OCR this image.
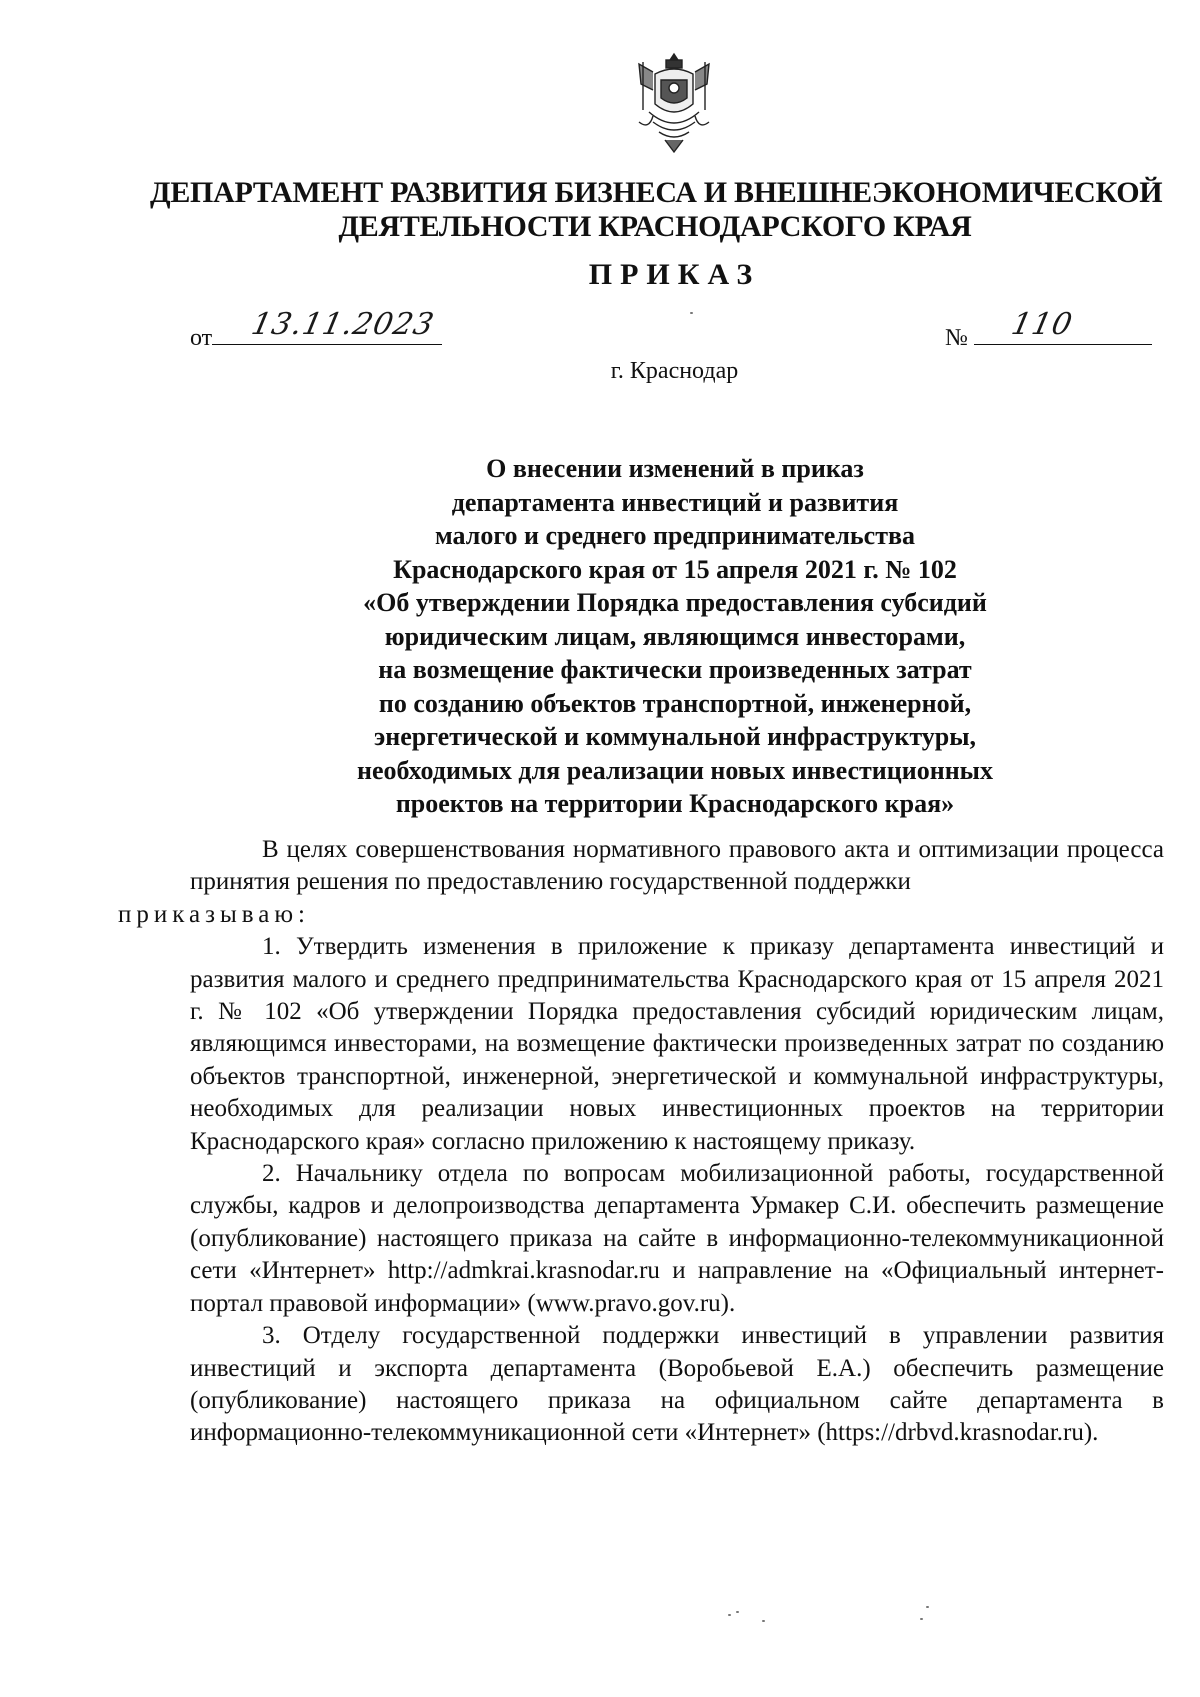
ДЕПАРТАМЕНТ РАЗВИТИЯ БИЗНЕСА И ВНЕШНЕЭКОНОМИЧЕСКОЙ
ДЕЯТЕЛЬНОСТИ КРАСНОДАРСКОГО КРАЯ
ПРИКАЗ
от 13.11.2023	№ 110
г. Краснодар
О внесении изменений в приказ
департамента инвестиций и развития
малого и среднего предпринимательства
Краснодарского края от 15 апреля 2021 г. № 102
«Об утверждении Порядка предоставления субсидий
юридическим лицам, являющимся инвесторами,
на возмещение фактически произведенных затрат
по созданию объектов транспортной, инженерной,
энергетической и коммунальной инфраструктуры,
необходимых для реализации новых инвестиционных
проектов на территории Краснодарского края»

В целях совершенствования нормативного правового акта и оптимизации процесса принятия решения по предоставлению государственной поддержки
приказываю:

1. Утвердить изменения в приложение к приказу департамента инвестиций и развития малого и среднего предпринимательства Краснодарского края от 15 апреля 2021 г. № 102 «Об утверждении Порядка предоставления субсидий юридическим лицам, являющимся инвесторами, на возмещение фактически произведенных затрат по созданию объектов транспортной, инженерной, энергетической и коммунальной инфраструктуры, необходимых для реализации новых инвестиционных проектов на территории Краснодарского края» согласно приложению к настоящему приказу.

2. Начальнику отдела по вопросам мобилизационной работы, государственной службы, кадров и делопроизводства департамента Урмакер С.И. обеспечить размещение (опубликование) настоящего приказа на сайте в информационно-телекоммуникационной сети «Интернет» http://admkrai.krasnodar.ru и направление на «Официальный интернет-портал правовой информации» (www.pravo.gov.ru).

3. Отделу государственной поддержки инвестиций в управлении развития инвестиций и экспорта департамента (Воробьевой Е.А.) обеспечить размещение (опубликование) настоящего приказа на официальном сайте департамента в информационно-телекоммуникационной сети «Интернет» (https://drbvd.krasnodar.ru).
